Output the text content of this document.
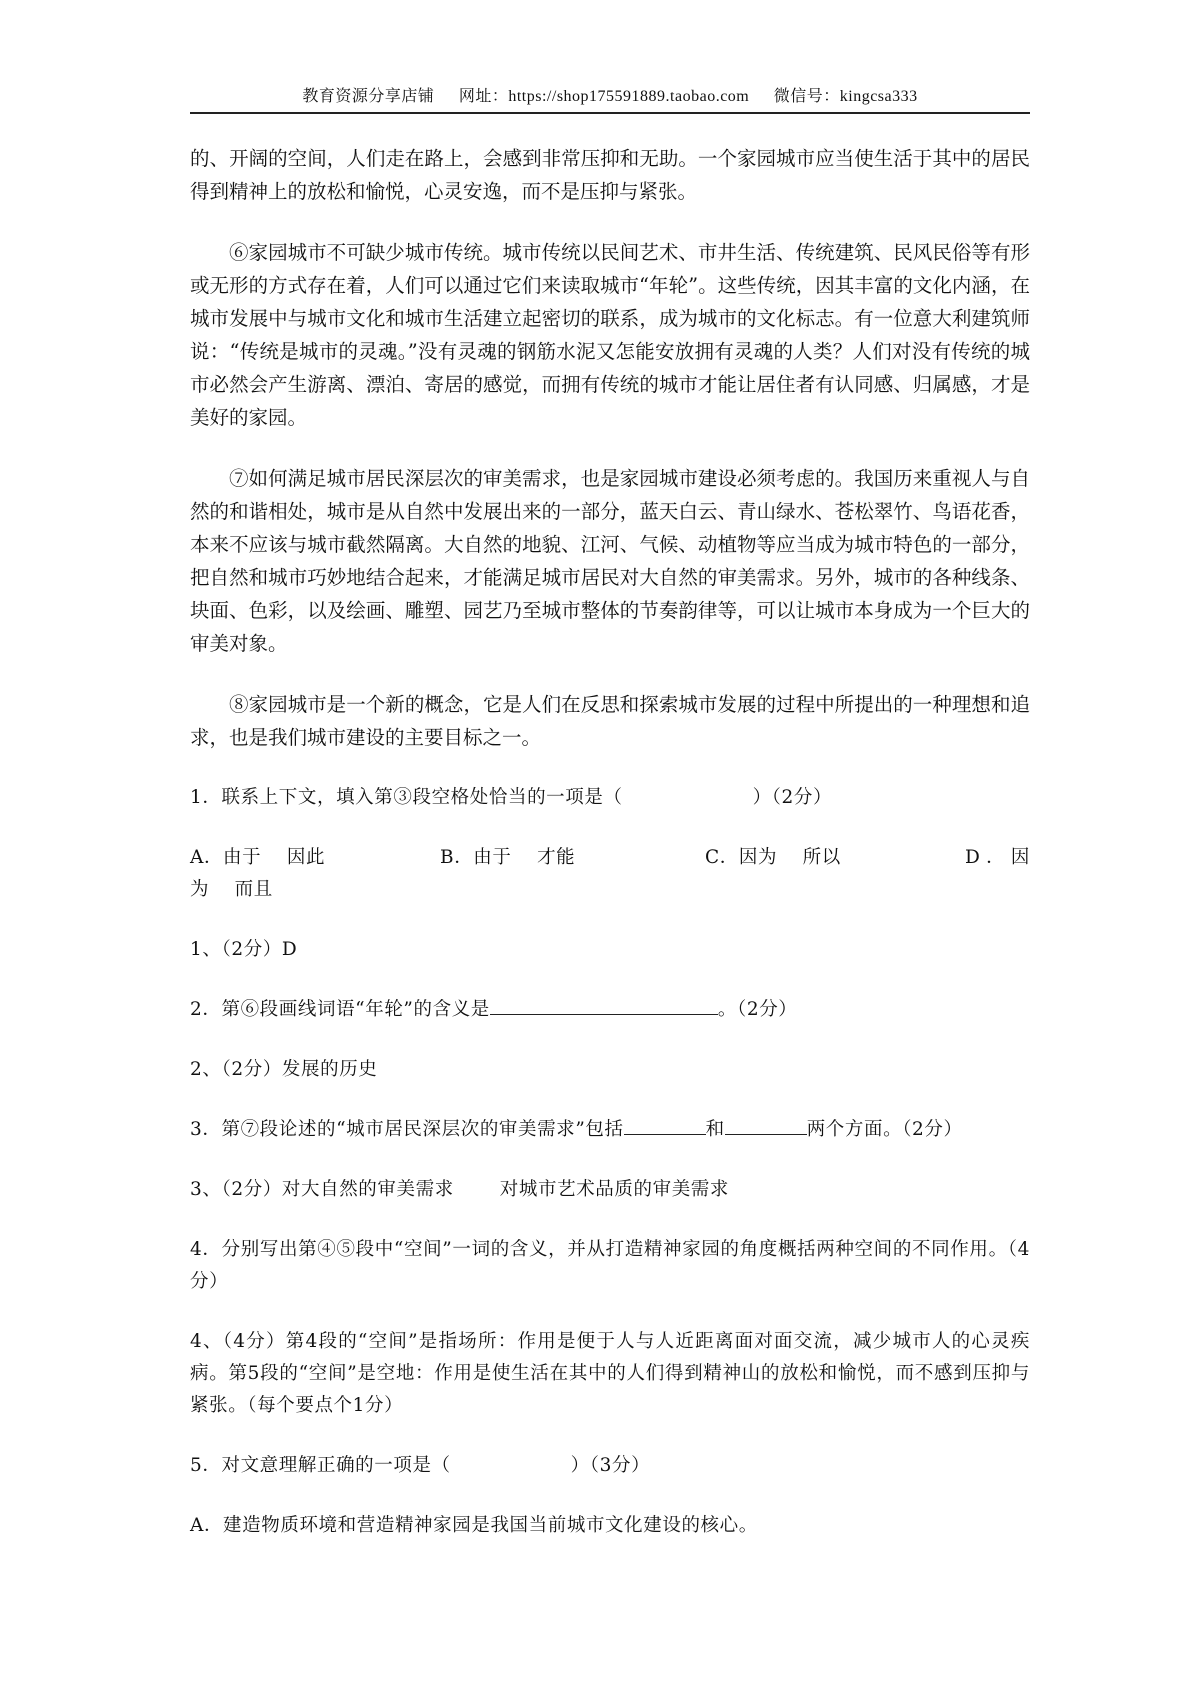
教育资源分享店铺 网址：https://shop175591889.taobao.com 微信号：kingcsa333

的、开阔的空间，人们走在路上，会感到非常压抑和无助。一个家园城市应当使生活于其中的居民得到精神上的放松和愉悦，心灵安逸，而不是压抑与紧张。

⑥家园城市不可缺少城市传统。城市传统以民间艺术、市井生活、传统建筑、民风民俗等有形或无形的方式存在着，人们可以通过它们来读取城市“年轮”。这些传统，因其丰富的文化内涵，在城市发展中与城市文化和城市生活建立起密切的联系，成为城市的文化标志。有一位意大利建筑师说：“传统是城市的灵魂。”没有灵魂的钢筋水泥又怎能安放拥有灵魂的人类？人们对没有传统的城市必然会产生游离、漂泊、寄居的感觉，而拥有传统的城市才能让居住者有认同感、归属感，才是美好的家园。

⑦如何满足城市居民深层次的审美需求，也是家园城市建设必须考虑的。我国历来重视人与自然的和谐相处，城市是从自然中发展出来的一部分，蓝天白云、青山绿水、苍松翠竹、鸟语花香，本来不应该与城市截然隔离。大自然的地貌、江河、气候、动植物等应当成为城市特色的一部分，把自然和城市巧妙地结合起来，才能满足城市居民对大自然的审美需求。另外，城市的各种线条、块面、色彩，以及绘画、雕塑、园艺乃至城市整体的节奏韵律等，可以让城市本身成为一个巨大的审美对象。

⑧家园城市是一个新的概念，它是人们在反思和探索城市发展的过程中所提出的一种理想和追求，也是我们城市建设的主要目标之一。

1．联系上下文，填入第③段空格处恰当的一项是（	）（2分）
A．由于　 因此	B．由于　 才能	C．因为　 所以	D．因为　 而且
1、（2分）D
2．第⑥段画线词语“年轮”的含义是	。（2分）
2、（2分）发展的历史
3．第⑦段论述的“城市居民深层次的审美需求”包括	和	两个方面。（2分）
3、（2分）对大自然的审美需求 对城市艺术品质的审美需求
4．分别写出第④⑤段中“空间”一词的含义，并从打造精神家园的角度概括两种空间的不同作用。（4分）
4、（4分）第4段的“空间”是指场所：作用是便于人与人近距离面对面交流，减少城市人的心灵疾病。第5段的“空间”是空地：作用是使生活在其中的人们得到精神山的放松和愉悦，而不感到压抑与紧张。（每个要点个1分）
5．对文意理解正确的一项是（	）（3分）
A．建造物质环境和营造精神家园是我国当前城市文化建设的核心。
